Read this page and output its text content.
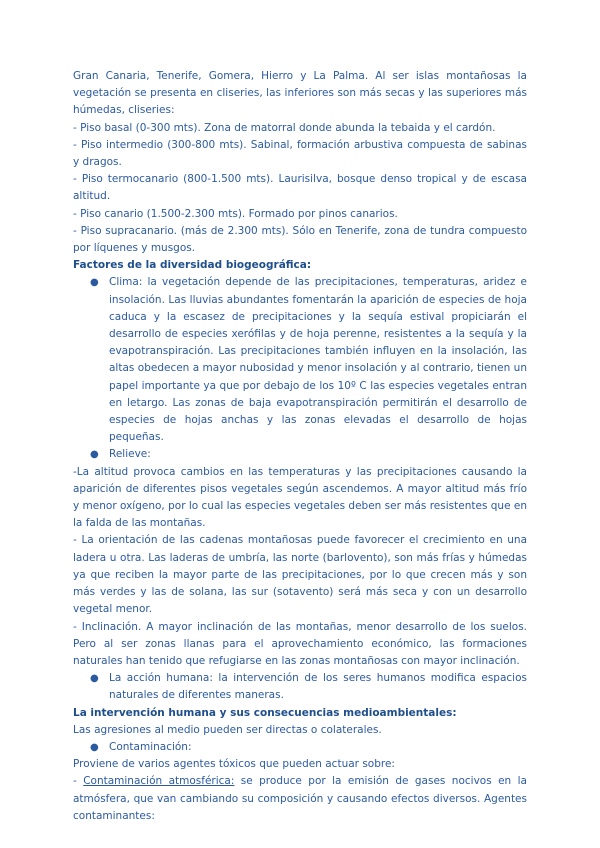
Gran Canaria, Tenerife, Gomera, Hierro y La Palma. Al ser islas montañosas la vegetación se presenta en cliseries, las inferiores son más secas y las superiores más húmedas, cliseries:

- Piso basal (0-300 mts). Zona de matorral donde abunda la tebaida y el cardón.

- Piso intermedio (300-800 mts). Sabinal, formación arbustiva compuesta de sabinas y dragos.

- Piso termocanario (800-1.500 mts). Laurisilva, bosque denso tropical y de escasa altitud.

- Piso canario (1.500-2.300 mts). Formado por pinos canarios.

- Piso supracanario. (más de 2.300 mts). Sólo en Tenerife, zona de tundra compuesto por líquenes y musgos.

Factores de la diversidad biogeográfica:

● Clima: la vegetación depende de las precipitaciones, temperaturas, aridez e insolación. Las lluvias abundantes fomentarán la aparición de especies de hoja caduca y la escasez de precipitaciones y la sequía estival propiciarán el desarrollo de especies xerófilas y de hoja perenne, resistentes a la sequía y la evapotranspiración. Las precipitaciones también influyen en la insolación, las altas obedecen a mayor nubosidad y menor insolación y al contrario, tienen un papel importante ya que por debajo de los 10º C las especies vegetales entran en letargo. Las zonas de baja evapotranspiración permitirán el desarrollo de especies de hojas anchas y las zonas elevadas el desarrollo de hojas pequeñas.
● Relieve:

-La altitud provoca cambios en las temperaturas y las precipitaciones causando la aparición de diferentes pisos vegetales según ascendemos. A mayor altitud más frío y menor oxígeno, por lo cual las especies vegetales deben ser más resistentes que en la falda de las montañas.

- La orientación de las cadenas montañosas puede favorecer el crecimiento en una ladera u otra. Las laderas de umbría, las norte (barlovento), son más frías y húmedas ya que reciben la mayor parte de las precipitaciones, por lo que crecen más y son más verdes y las de solana, las sur (sotavento) será más seca y con un desarrollo vegetal menor.

- Inclinación. A mayor inclinación de las montañas, menor desarrollo de los suelos. Pero al ser zonas llanas para el aprovechamiento económico, las formaciones naturales han tenido que refugiarse en las zonas montañosas con mayor inclinación.

● La acción humana: la intervención de los seres humanos modifica espacios naturales de diferentes maneras.

La intervención humana y sus consecuencias medioambientales:

Las agresiones al medio pueden ser directas o colaterales.

● Contaminación:

Proviene de varios agentes tóxicos que pueden actuar sobre:

- Contaminación atmosférica: se produce por la emisión de gases nocivos en la atmósfera, que van cambiando su composición y causando efectos diversos. Agentes contaminantes:
